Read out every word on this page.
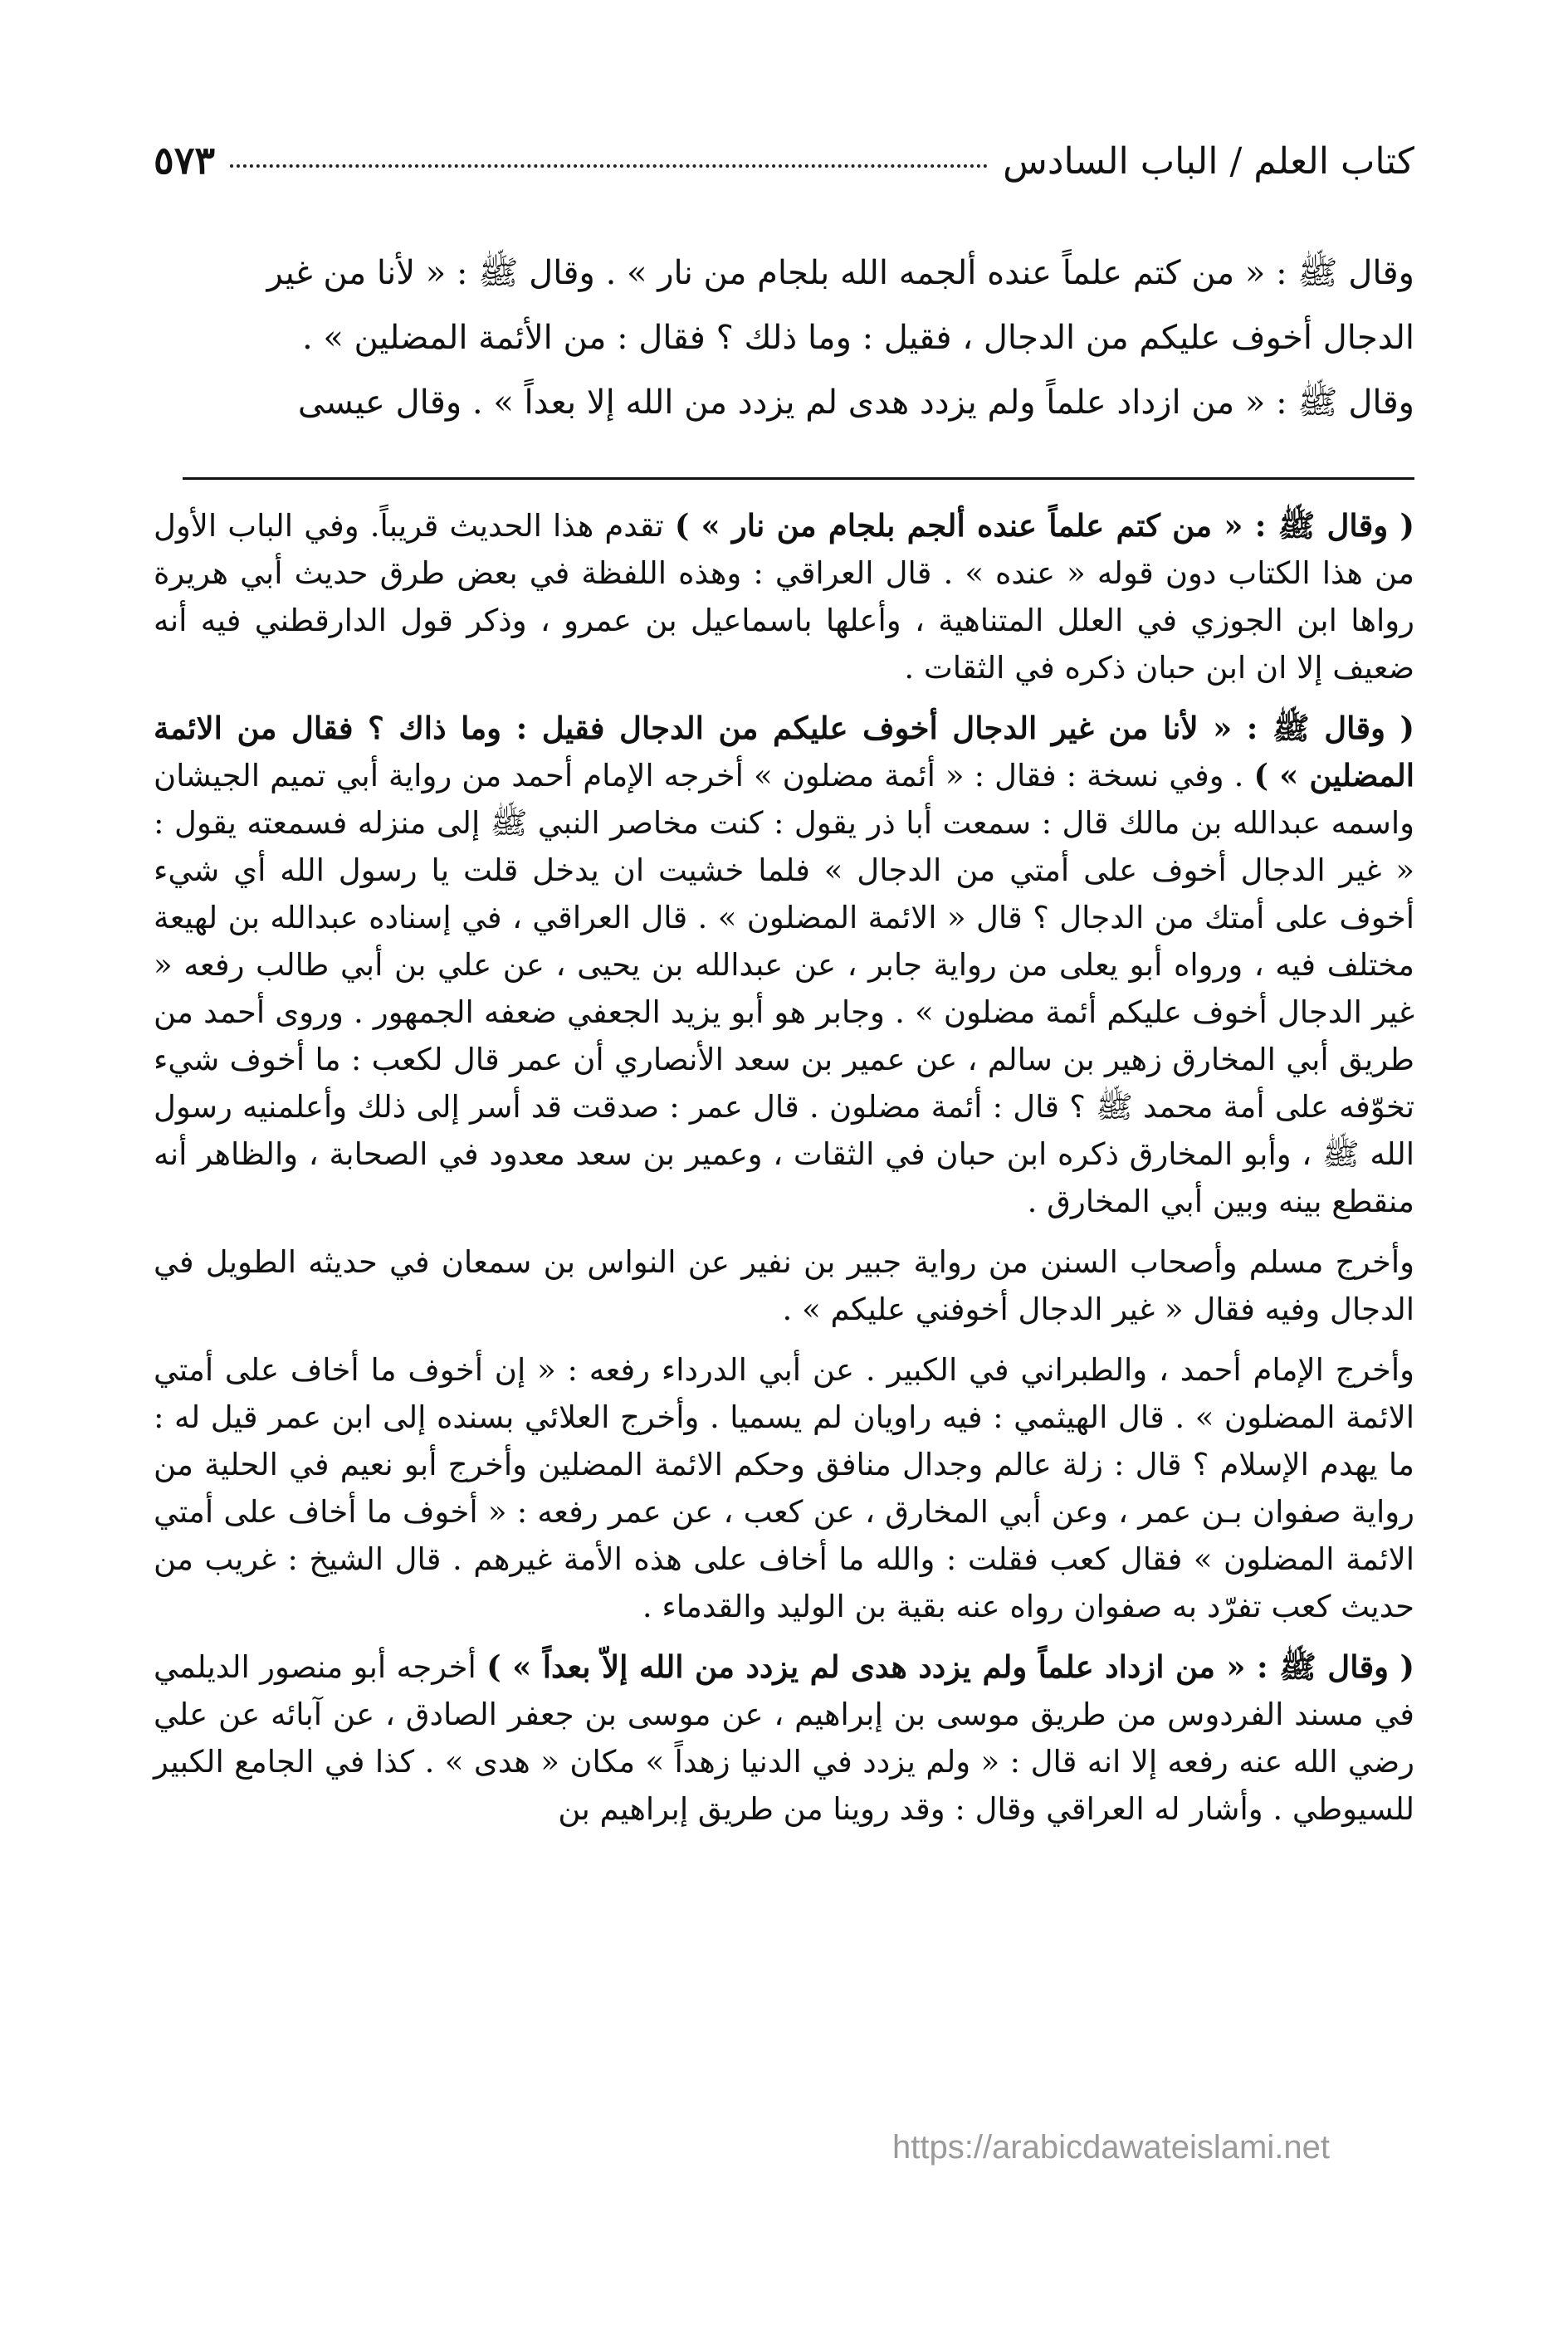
كتاب العلم / الباب السادس
٥٧٣

وقال ﷺ : « من كتم علماً عنده ألجمه الله بلجام من نار » . وقال ﷺ : « لأنا من غير

الدجال أخوف عليكم من الدجال ، فقيل : وما ذلك ؟ فقال : من الأئمة المضلين » .

وقال ﷺ : « من ازداد علماً ولم يزدد هدى لم يزدد من الله إلا بعداً » . وقال عيسى

( وقال ﷺ : « من كتم علماً عنده ألجم بلجام من نار » ) تقدم هذا الحديث قريباً. وفي الباب الأول من هذا الكتاب دون قوله « عنده » . قال العراقي : وهذه اللفظة في بعض طرق حديث أبي هريرة رواها ابن الجوزي في العلل المتناهية ، وأعلها باسماعيل بن عمرو ، وذكر قول الدارقطني فيه أنه ضعيف إلا ان ابن حبان ذكره في الثقات .

( وقال ﷺ : « لأنا من غير الدجال أخوف عليكم من الدجال فقيل : وما ذاك ؟ فقال من الائمة المضلين » ) . وفي نسخة : فقال : « أئمة مضلون » أخرجه الإمام أحمد من رواية أبي تميم الجيشان واسمه عبدالله بن مالك قال : سمعت أبا ذر يقول : كنت مخاصر النبي ﷺ إلى منزله فسمعته يقول : « غير الدجال أخوف على أمتي من الدجال » فلما خشيت ان يدخل قلت يا رسول الله أي شيء أخوف على أمتك من الدجال ؟ قال « الائمة المضلون » . قال العراقي ، في إسناده عبدالله بن لهيعة مختلف فيه ، ورواه أبو يعلى من رواية جابر ، عن عبدالله بن يحيى ، عن علي بن أبي طالب رفعه « غير الدجال أخوف عليكم أئمة مضلون » . وجابر هو أبو يزيد الجعفي ضعفه الجمهور . وروى أحمد من طريق أبي المخارق زهير بن سالم ، عن عمير بن سعد الأنصاري أن عمر قال لكعب : ما أخوف شيء تخوّفه على أمة محمد ﷺ ؟ قال : أئمة مضلون . قال عمر : صدقت قد أسر إلى ذلك وأعلمنيه رسول الله ﷺ ، وأبو المخارق ذكره ابن حبان في الثقات ، وعمير بن سعد معدود في الصحابة ، والظاهر أنه منقطع بينه وبين أبي المخارق .

وأخرج مسلم وأصحاب السنن من رواية جبير بن نفير عن النواس بن سمعان في حديثه الطويل في الدجال وفيه فقال « غير الدجال أخوفني عليكم » .

وأخرج الإمام أحمد ، والطبراني في الكبير . عن أبي الدرداء رفعه : « إن أخوف ما أخاف على أمتي الائمة المضلون » . قال الهيثمي : فيه راويان لم يسميا . وأخرج العلائي بسنده إلى ابن عمر قيل له : ما يهدم الإسلام ؟ قال : زلة عالم وجدال منافق وحكم الائمة المضلين وأخرج أبو نعيم في الحلية من رواية صفوان بـن عمر ، وعن أبي المخارق ، عن كعب ، عن عمر رفعه : « أخوف ما أخاف على أمتي الائمة المضلون » فقال كعب فقلت : والله ما أخاف على هذه الأمة غيرهم . قال الشيخ : غريب من حديث كعب تفرّد به صفوان رواه عنه بقية بن الوليد والقدماء .

( وقال ﷺ : « من ازداد علماً ولم يزدد هدى لم يزدد من الله إلاّ بعداً » ) أخرجه أبو منصور الديلمي في مسند الفردوس من طريق موسى بن إبراهيم ، عن موسى بن جعفر الصادق ، عن آبائه عن علي رضي الله عنه رفعه إلا انه قال : « ولم يزدد في الدنيا زهداً » مكان « هدى » . كذا في الجامع الكبير للسيوطي . وأشار له العراقي وقال : وقد روينا من طريق إبراهيم بن

https://arabicdawateislami.net
